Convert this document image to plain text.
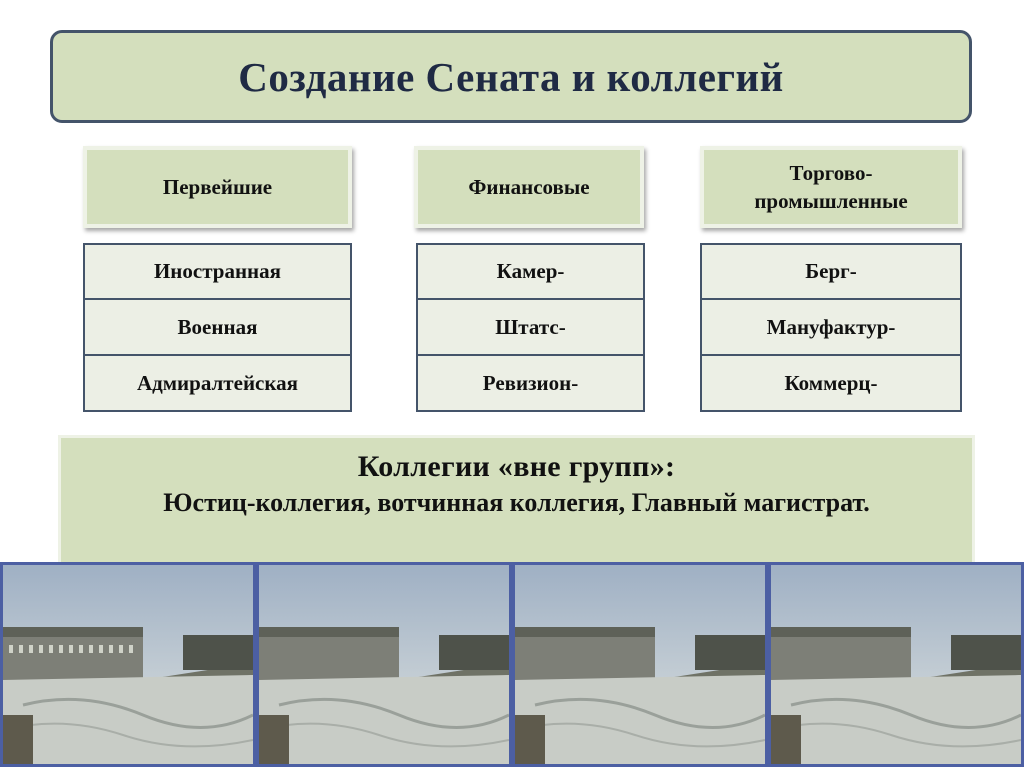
Создание Сената и коллегий
Первейшие	Финансовые
Торгово-промышленные
Иностранная
Военная
Адмиралтейская
Камер-
Штатс-
Ревизион-
Берг-
Мануфактур-
Коммерц-
Коллегии «вне групп»:
Юстиц-коллегия, вотчинная коллегия, Главный магистрат.
